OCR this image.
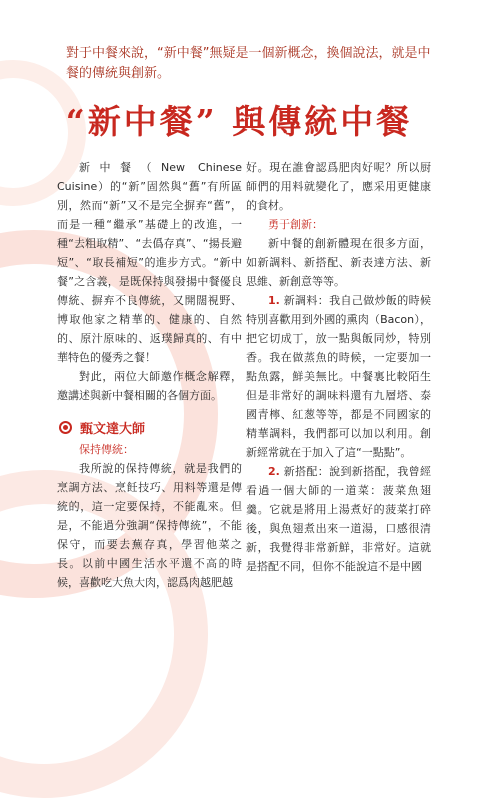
對于中餐來說，“新中餐”無疑是一個新概念，換個說法，就是中餐的傳統與創新。
“新中餐” 與傳統中餐

新中餐（New Chinese Cuisine）的“新”固然與“舊”有所區別，然而“新”又不是完全摒弃“舊”，而是一種“繼承”基礎上的改進，一種“去粗取精”、“去僞存真”、“揚長避短”、“取長補短”的進步方式。“新中餐”之含義，是既保持與發揚中餐優良傳統、摒弃不良傳統，又開闊視野、博取他家之精華的、健康的、自然的、原汁原味的、返璞歸真的、有中華特色的優秀之餐！

對此，兩位大師邀作概念解釋，邀講述與新中餐相關的各個方面。

甄文達大師
保持傳統：

我所說的保持傳統，就是我們的烹調方法、烹飪技巧、用料等還是傳統的，這一定要保持，不能亂來。但是，不能過分強調“保持傳統”，不能保守，而要去蕪存真，學習他菜之長。以前中國生活水平還不高的時候，喜歡吃大魚大肉，認爲肉越肥越

好。現在誰會認爲肥肉好呢？所以厨師們的用料就變化了，應采用更健康的食材。

勇于創新：

新中餐的創新體現在很多方面，如新調料、新搭配、新表達方法、新思維、新創意等等。

1. 新調料：我自己做炒飯的時候特別喜歡用到外國的熏肉（Bacon），把它切成丁，放一點與飯同炒，特別香。我在做蒸魚的時候，一定要加一點魚露，鮮美無比。中餐裏比較陌生但是非常好的調味料還有九層塔、泰國青檸、紅葱等等，都是不同國家的精華調料，我們都可以加以利用。創新經常就在于加入了這“一點點”。

2. 新搭配：說到新搭配，我曾經看過一個大師的一道菜：菠菜魚翅羹。它就是將用上湯煮好的菠菜打碎後，與魚翅煮出來一道湯，口感很清新，我覺得非常新鮮，非常好。這就是搭配不同，但你不能說這不是中國
